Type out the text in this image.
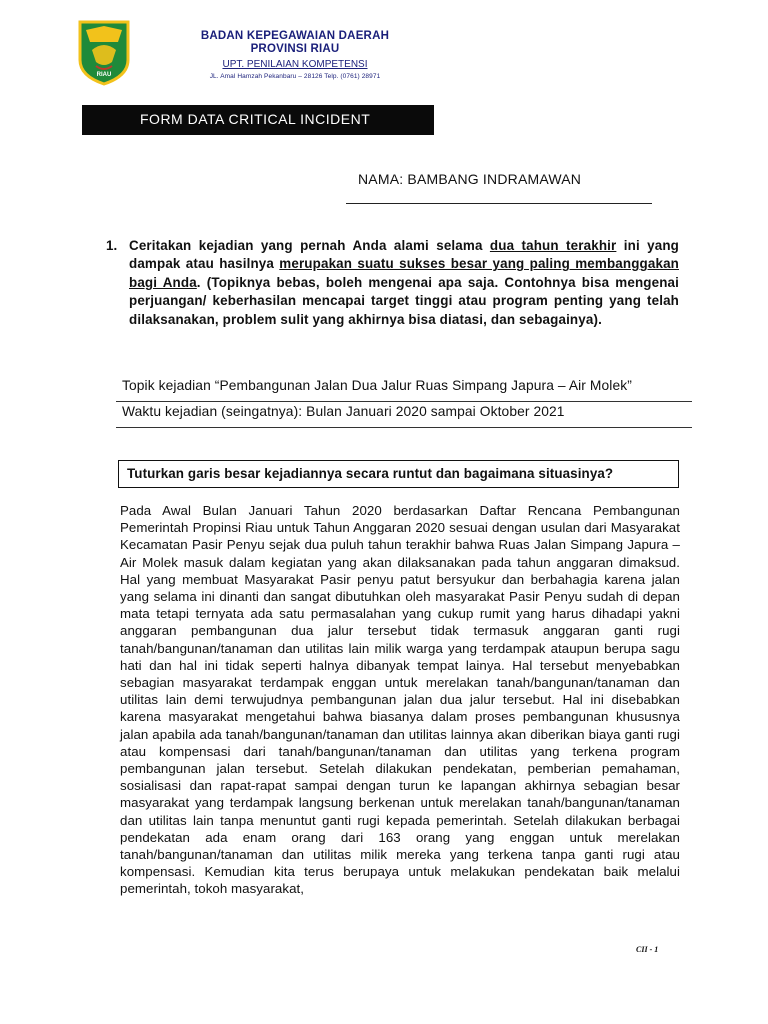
RIAU
BADAN KEPEGAWAIAN DAERAH
PROVINSI RIAU
UPT. PENILAIAN KOMPETENSI
JL. Amal Hamzah Pekanbaru – 28126 Telp. (0761) 28971
FORM DATA CRITICAL INCIDENT
NAMA: BAMBANG INDRAMAWAN
1. Ceritakan kejadian yang pernah Anda alami selama dua tahun terakhir ini yang dampak atau hasilnya merupakan suatu sukses besar yang paling membanggakan bagi Anda. (Topiknya bebas, boleh mengenai apa saja. Contohnya bisa mengenai perjuangan/ keberhasilan mencapai target tinggi atau program penting yang telah dilaksanakan, problem sulit yang akhirnya bisa diatasi, dan sebagainya).
Topik kejadian “Pembangunan Jalan Dua Jalur Ruas Simpang Japura – Air Molek”
Waktu kejadian (seingatnya): Bulan Januari 2020 sampai Oktober 2021
Tuturkan garis besar kejadiannya secara runtut dan bagaimana situasinya?
Pada Awal Bulan Januari Tahun 2020 berdasarkan Daftar Rencana Pembangunan Pemerintah Propinsi Riau untuk Tahun Anggaran 2020 sesuai dengan usulan dari Masyarakat Kecamatan Pasir Penyu sejak dua puluh tahun terakhir bahwa Ruas Jalan Simpang Japura – Air Molek masuk dalam kegiatan yang akan dilaksanakan pada tahun anggaran dimaksud. Hal yang membuat Masyarakat Pasir penyu patut bersyukur dan berbahagia karena jalan yang selama ini dinanti dan sangat dibutuhkan oleh masyarakat Pasir Penyu sudah di depan mata tetapi ternyata ada satu permasalahan yang cukup rumit yang harus dihadapi yakni anggaran pembangunan dua jalur tersebut tidak termasuk anggaran ganti rugi tanah/bangunan/tanaman dan utilitas lain milik warga yang terdampak ataupun berupa sagu hati dan hal ini tidak seperti halnya dibanyak tempat lainya. Hal tersebut menyebabkan sebagian masyarakat terdampak enggan untuk merelakan tanah/bangunan/tanaman dan utilitas lain demi terwujudnya pembangunan jalan dua jalur tersebut. Hal ini disebabkan karena masyarakat mengetahui bahwa biasanya dalam proses pembangunan khususnya jalan apabila ada tanah/bangunan/tanaman dan utilitas lainnya akan diberikan biaya ganti rugi atau kompensasi dari tanah/bangunan/tanaman dan utilitas yang terkena program pembangunan jalan tersebut. Setelah dilakukan pendekatan, pemberian pemahaman, sosialisasi dan rapat-rapat sampai dengan turun ke lapangan akhirnya sebagian besar masyarakat yang terdampak langsung berkenan untuk merelakan tanah/bangunan/tanaman dan utilitas lain tanpa menuntut ganti rugi kepada pemerintah. Setelah dilakukan berbagai pendekatan ada enam orang dari 163 orang yang enggan untuk merelakan tanah/bangunan/tanaman dan utilitas milik mereka yang terkena tanpa ganti rugi atau kompensasi. Kemudian kita terus berupaya untuk melakukan pendekatan baik melalui pemerintah, tokoh masyarakat,
CII - 1
